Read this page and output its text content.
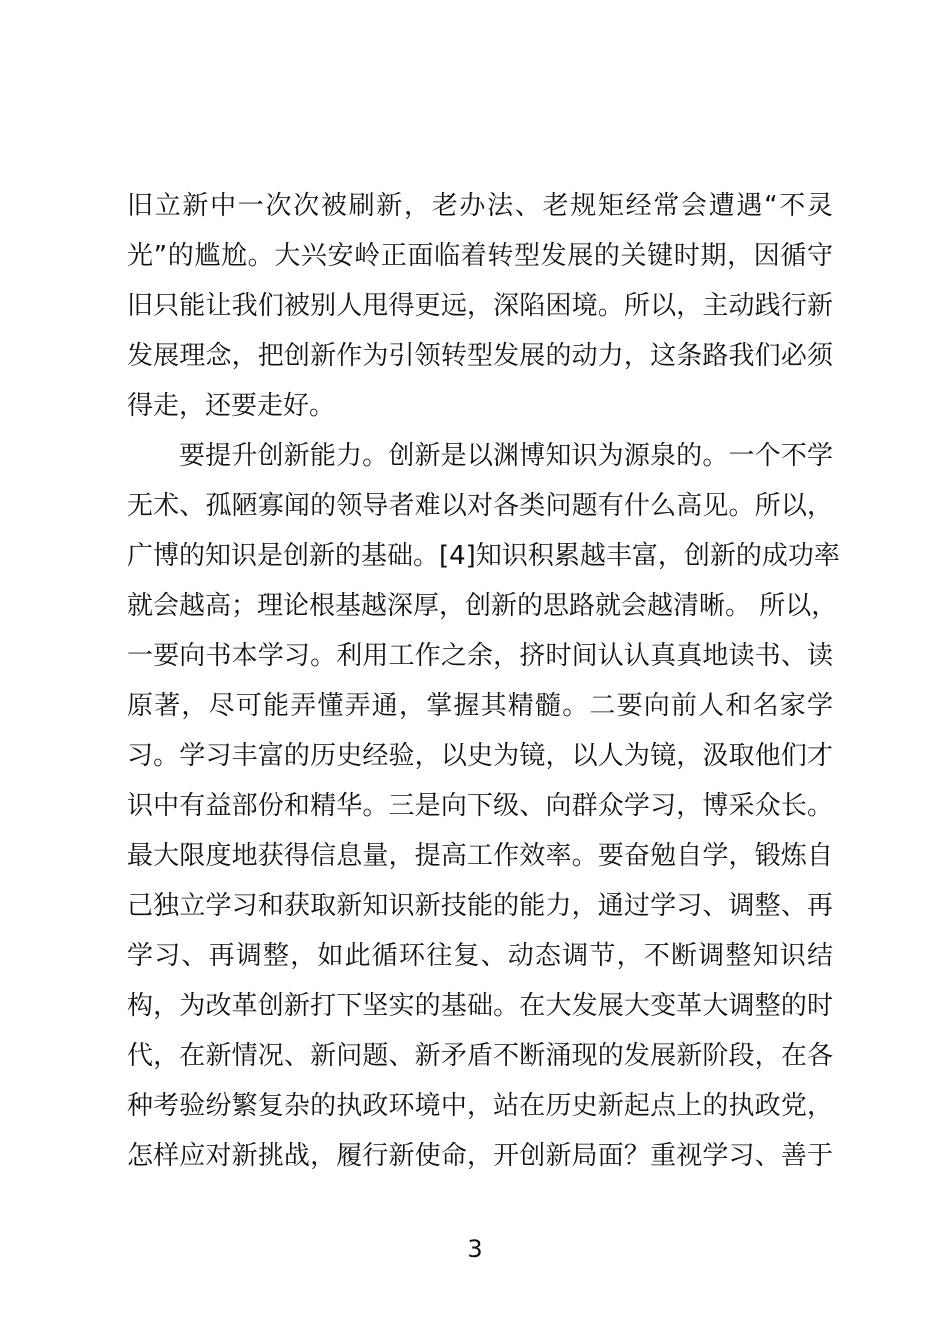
旧立新中一次次被刷新，老办法、老规矩经常会遭遇“不灵
光”的尴尬。大兴安岭正面临着转型发展的关键时期，因循守
旧只能让我们被别人甩得更远，深陷困境。所以，主动践行新
发展理念，把创新作为引领转型发展的动力，这条路我们必须
得走，还要走好。
要提升创新能力。创新是以渊博知识为源泉的。一个不学
无术、孤陋寡闻的领导者难以对各类问题有什么高见。所以，
广博的知识是创新的基础。[4]知识积累越丰富，创新的成功率
就会越高；理论根基越深厚，创新的思路就会越清晰。 所以，
一要向书本学习。利用工作之余，挤时间认认真真地读书、读
原著，尽可能弄懂弄通，掌握其精髓。二要向前人和名家学
习。学习丰富的历史经验，以史为镜，以人为镜，汲取他们才
识中有益部份和精华。三是向下级、向群众学习，博采众长。
最大限度地获得信息量，提高工作效率。要奋勉自学，锻炼自
己独立学习和获取新知识新技能的能力，通过学习、调整、再
学习、再调整，如此循环往复、动态调节，不断调整知识结
构，为改革创新打下坚实的基础。在大发展大变革大调整的时
代，在新情况、新问题、新矛盾不断涌现的发展新阶段，在各
种考验纷繁复杂的执政环境中，站在历史新起点上的执政党，
怎样应对新挑战，履行新使命，开创新局面？重视学习、善于
3
